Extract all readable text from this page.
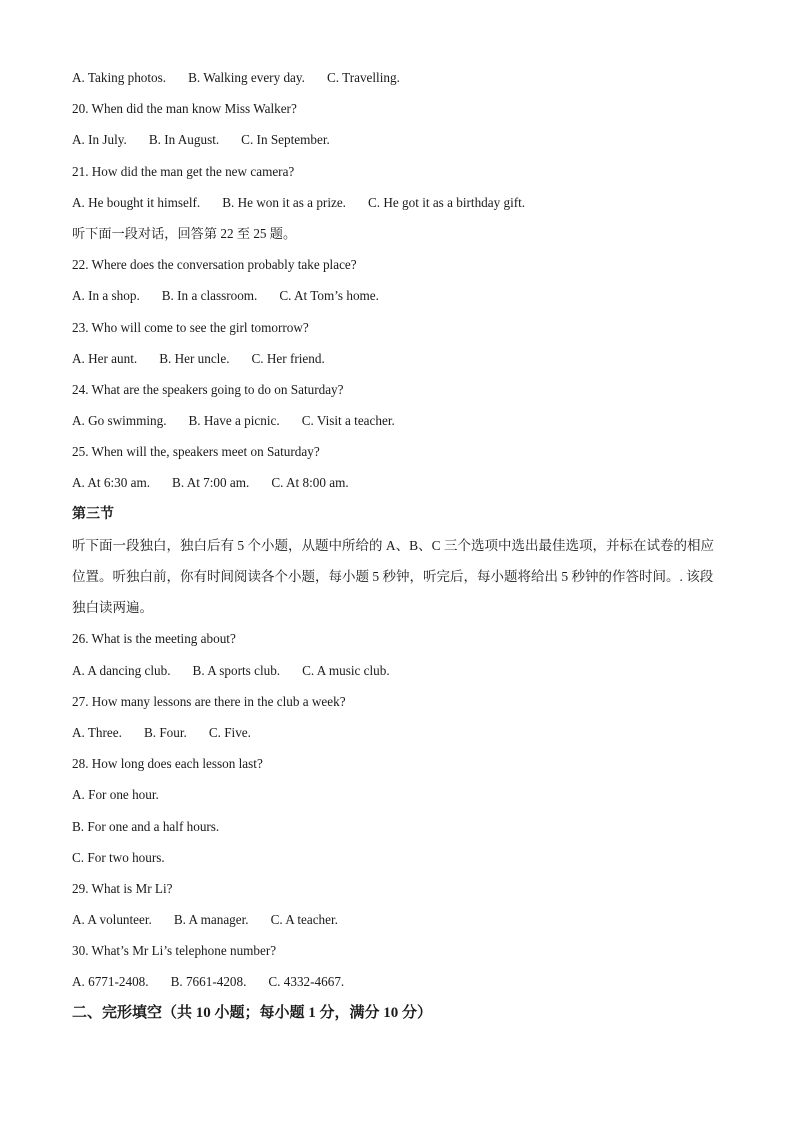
A. Taking photos. B. Walking every day. C. Travelling.
20. When did the man know Miss Walker?
A. In July. B. In August. C. In September.
21. How did the man get the new camera?
A. He bought it himself. B. He won it as a prize. C. He got it as a birthday gift.
听下面一段对话，回答第 22 至 25 题。
22. Where does the conversation probably take place?
A. In a shop. B. In a classroom. C. At Tom’s home.
23. Who will come to see the girl tomorrow?
A. Her aunt. B. Her uncle. C. Her friend.
24. What are the speakers going to do on Saturday?
A. Go swimming. B. Have a picnic. C. Visit a teacher.
25. When will the, speakers meet on Saturday?
A. At 6:30 am. B. At 7:00 am. C. At 8:00 am.
第三节
听下面一段独白，独白后有 5 个小题，从题中所给的 A、B、C 三个选项中选出最佳选项，并标在试卷的相应位置。听独白前，你有时间阅读各个小题，每小题 5 秒钟，听完后，每小题将给出 5 秒钟的作答时间。. 该段独白读两遍。
26. What is the meeting about?
A. A dancing club. B. A sports club. C. A music club.
27. How many lessons are there in the club a week?
A. Three. B. Four. C. Five.
28. How long does each lesson last?
A. For one hour.
B. For one and a half hours.
C. For two hours.
29. What is Mr Li?
A. A volunteer. B. A manager. C. A teacher.
30. What’s Mr Li’s telephone number?
A. 6771-2408. B. 7661-4208. C. 4332-4667.
二、完形填空（共 10 小题；每小题 1 分，满分 10 分）
